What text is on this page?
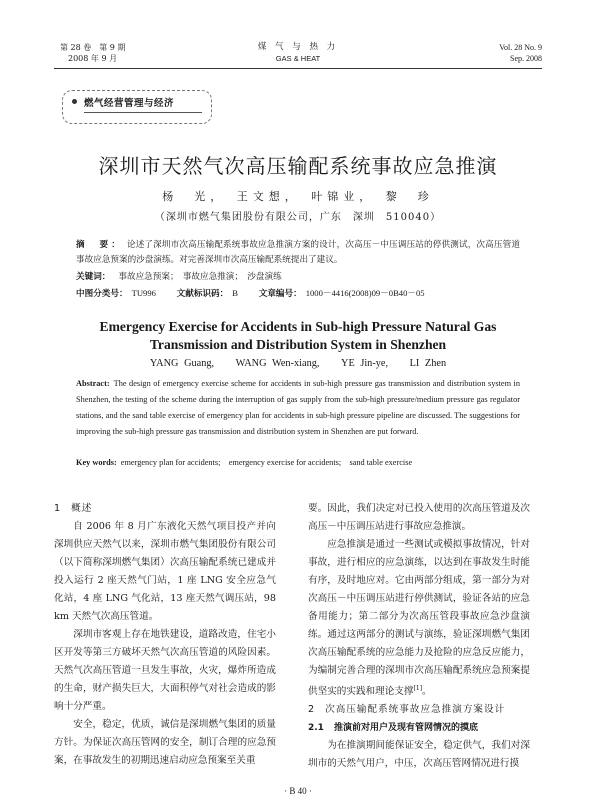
第 28 卷　第 9 期
2008 年 9 月
煤 气 与 热 力
GAS & HEAT
Vol. 28 No. 9
Sep. 2008
燃气经营管理与经济
深圳市天然气次高压输配系统事故应急推演
杨　光，　王文想，　叶锦业，　黎　珍
（深圳市燃气集团股份有限公司，广东　深圳　510040）
摘　要： 论述了深圳市次高压输配系统事故应急推演方案的设计，次高压－中压调压站的停供测试，次高压管道事故应急预案的沙盘演练。对完善深圳市次高压输配系统提出了建议。
关键词： 事故应急预案；　事故应急推演；　沙盘演练
中图分类号： TU996 文献标识码： B 文章编号： 1000－4416(2008)09－0B40－05
Emergency Exercise for Accidents in Sub-high Pressure Natural Gas Transmission and Distribution System in Shenzhen
YANG Guang, WANG Wen-xiang, YE Jin-ye, LI Zhen
Abstract: The design of emergency exercise scheme for accidents in sub-high pressure gas transmission and distribution system in Shenzhen, the testing of the scheme during the interruption of gas supply from the sub-high pressure/medium pressure gas regulator stations, and the sand table exercise of emergency plan for accidents in sub-high pressure pipeline are discussed. The suggestions for improving the sub-high pressure gas transmission and distribution system in Shenzhen are put forward.
Key words: emergency plan for accidents;　emergency exercise for accidents;　sand table exercise
1 概述

自 2006 年 8 月广东液化天然气项目投产并向深圳供应天然气以来，深圳市燃气集团股份有限公司（以下简称深圳燃气集团）次高压输配系统已建成并投入运行 2 座天然气门站，1 座 LNG 安全应急气化站，4 座 LNG 气化站，13 座天然气调压站，98 km 天然气次高压管道。

深圳市客观上存在地铁建设，道路改造，住宅小区开发等第三方破坏天然气次高压管道的风险因素。天然气次高压管道一旦发生事故，火灾，爆炸所造成的生命，财产损失巨大，大面积停气对社会造成的影响十分严重。

安全，稳定，优质，诚信是深圳燃气集团的质量方针。为保证次高压管网的安全，制订合理的应急预案，在事故发生的初期迅速启动应急预案至关重

要。因此，我们决定对已投入使用的次高压管道及次高压－中压调压站进行事故应急推演。

应急推演是通过一些测试或模拟事故情况，针对事故，进行相应的应急演练，以达到在事故发生时能有序，及时地应对。它由两部分组成，第一部分为对次高压－中压调压站进行停供测试，验证各站的应急备用能力；第二部分为次高压管段事故应急沙盘演练。通过这两部分的测试与演练，验证深圳燃气集团次高压输配系统的应急能力及抢险的应急反应能力，为编制完善合理的深圳市次高压输配系统应急预案提供坚实的实践和理论支撑[1]。

2 次高压输配系统事故应急推演方案设计
2.1 推演前对用户及现有管网情况的摸底

为在推演期间能保证安全，稳定供气，我们对深圳市的天然气用户，中压，次高压管网情况进行摸

· B 40 ·
